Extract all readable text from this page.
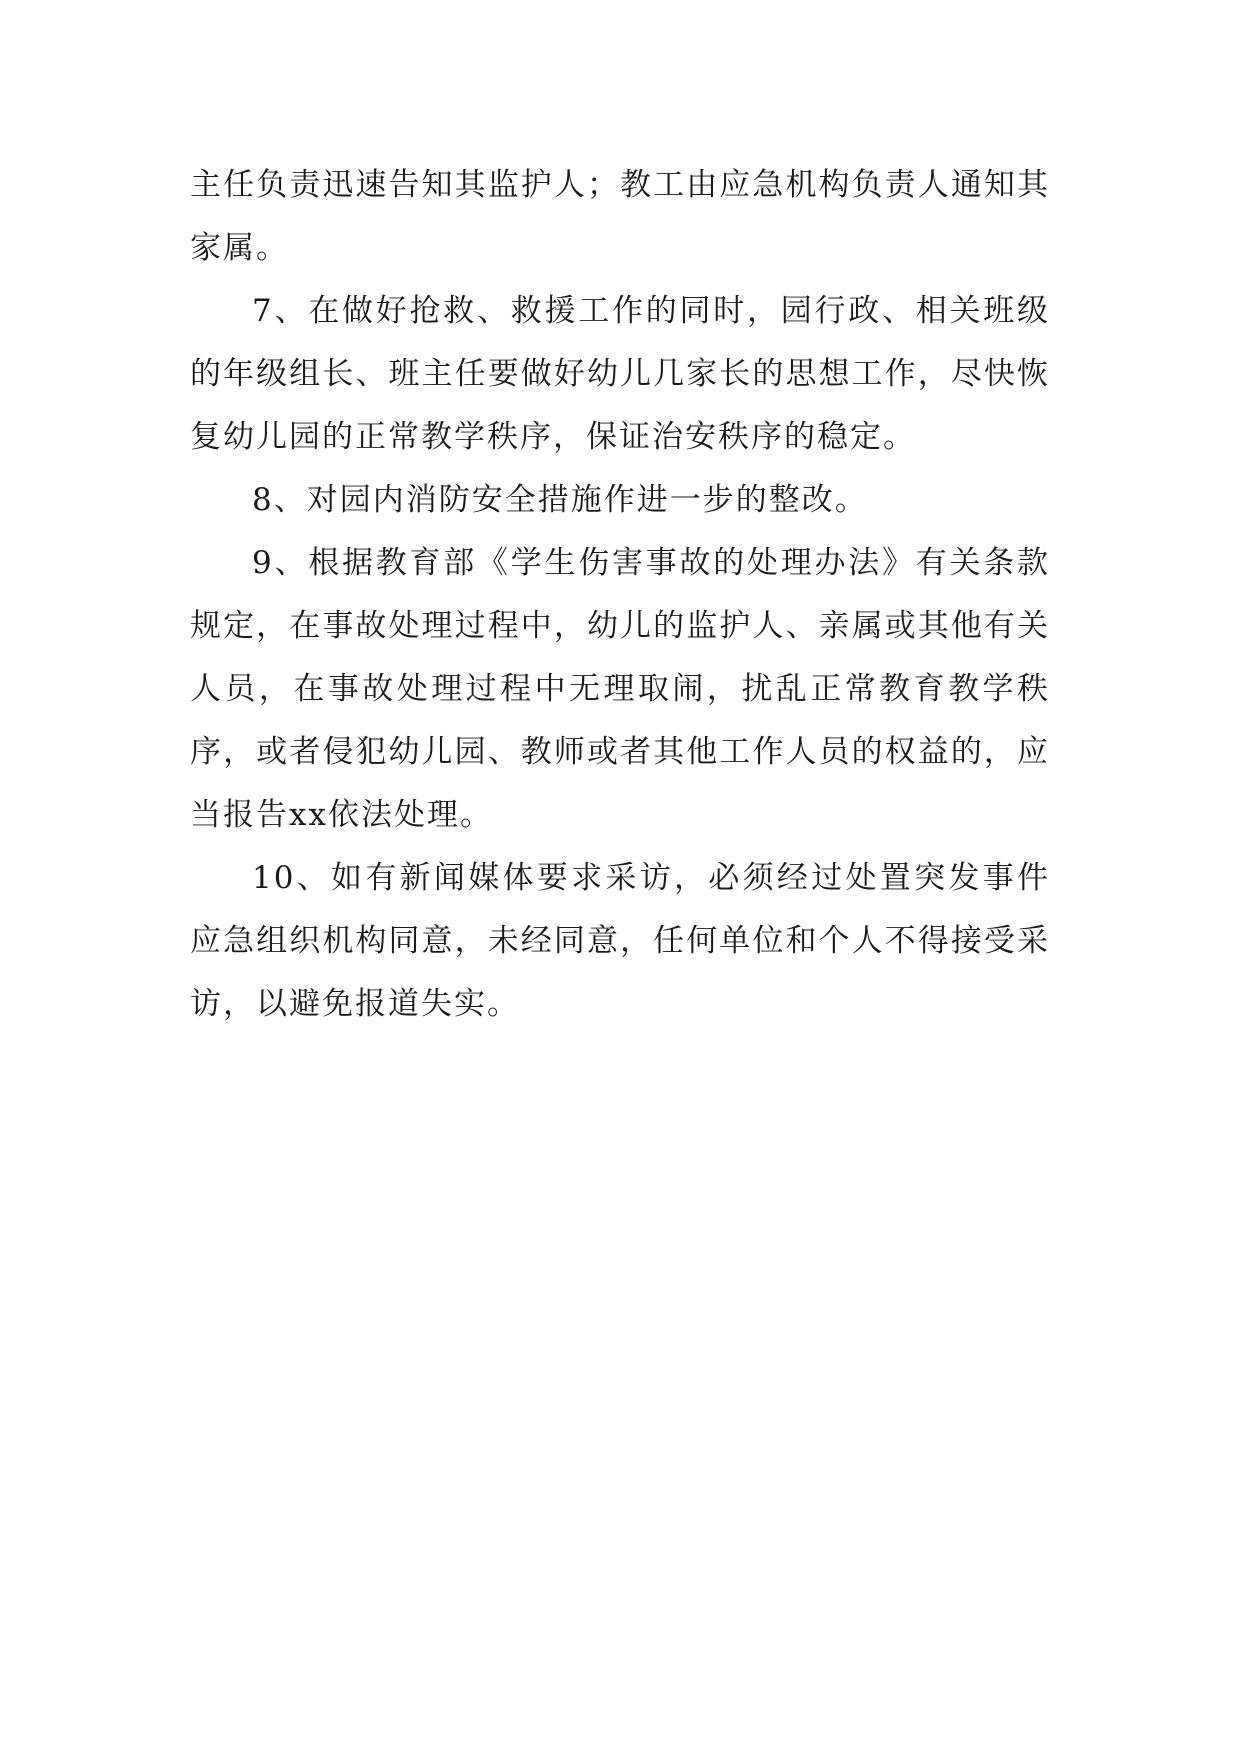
主任负责迅速告知其监护人；教工由应急机构负责人通知其家属。

7、在做好抢救、救援工作的同时，园行政、相关班级的年级组长、班主任要做好幼儿几家长的思想工作，尽快恢复幼儿园的正常教学秩序，保证治安秩序的稳定。

8、对园内消防安全措施作进一步的整改。

9、根据教育部《学生伤害事故的处理办法》有关条款规定，在事故处理过程中，幼儿的监护人、亲属或其他有关人员，在事故处理过程中无理取闹，扰乱正常教育教学秩序，或者侵犯幼儿园、教师或者其他工作人员的权益的，应当报告xx依法处理。

10、如有新闻媒体要求采访，必须经过处置突发事件应急组织机构同意，未经同意，任何单位和个人不得接受采访，以避免报道失实。
